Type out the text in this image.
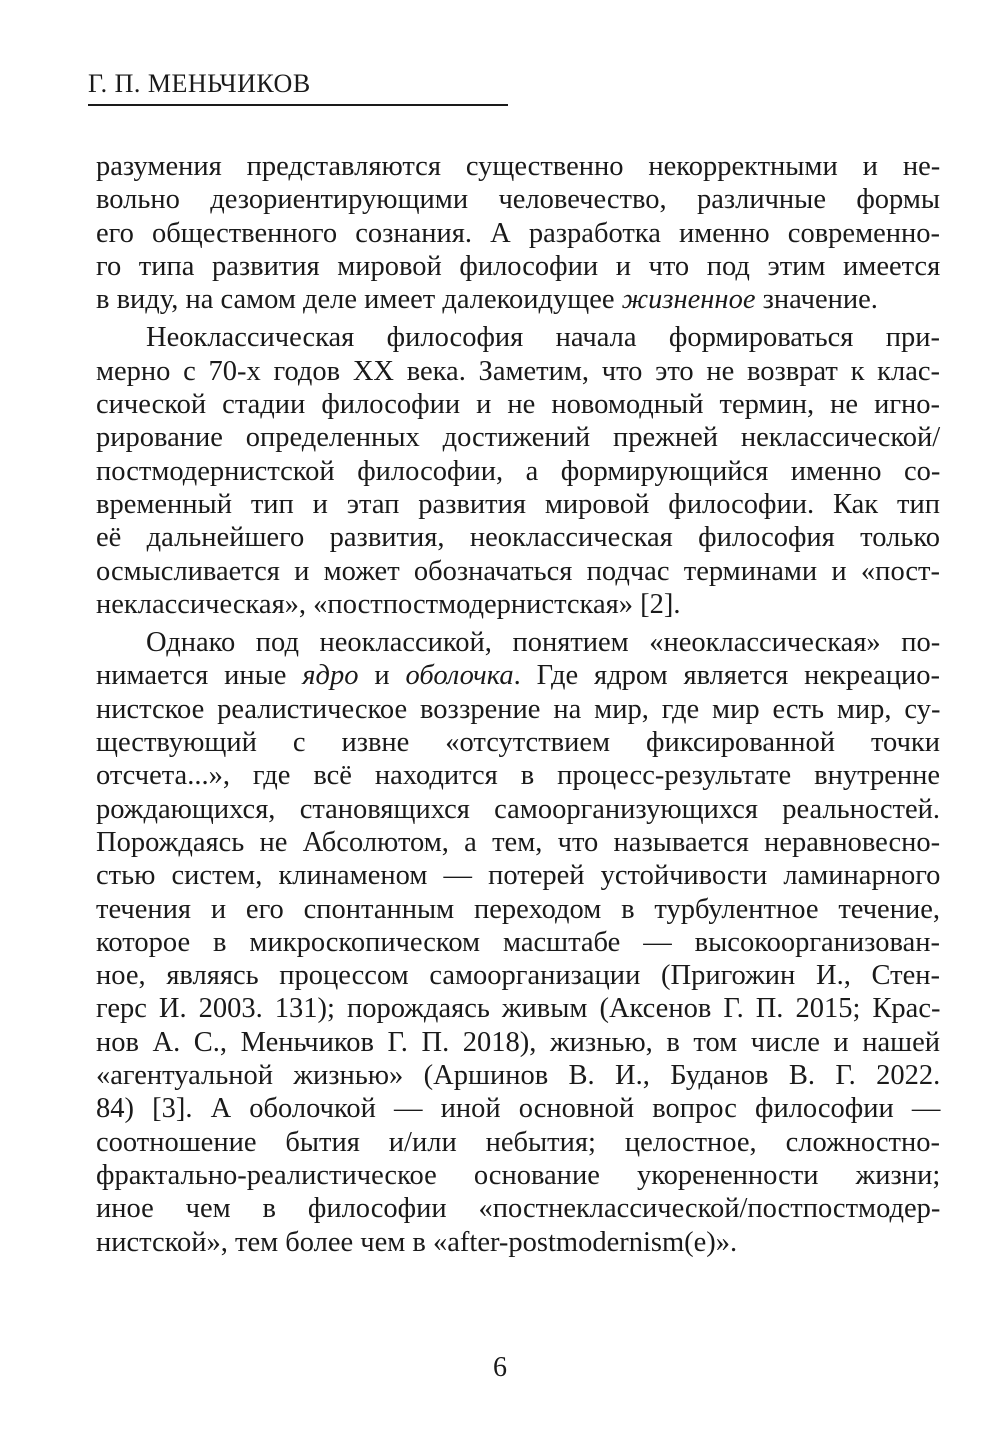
Г. П. МЕНЬЧИКОВ
разумения представляются существенно некорректными и не-
вольно дезориентирующими человечество, различные формы
его общественного сознания. А разработка именно современно-
го типа развития мировой философии и что под этим имеется
в виду, на самом деле имеет далекоидущее жизненное значение.
Неоклассическая философия начала формироваться при-
мерно с 70-х годов XX века. Заметим, что это не возврат к клас-
сической стадии философии и не новомодный термин, не игно-
рирование определенных достижений прежней неклассической/
постмодернистской философии, а формирующийся именно со-
временный тип и этап развития мировой философии. Как тип
её дальнейшего развития, неоклассическая философия только
осмысливается и может обозначаться подчас терминами и «пост-
неклассическая», «постпостмодернистская» [2].
Однако под неоклассикой, понятием «неоклассическая» по-
нимается иные ядро и оболочка. Где ядром является некреацио-
нистское реалистическое воззрение на мир, где мир есть мир, су-
ществующий с извне «отсутствием фиксированной точки
отсчета...», где всё находится в процесс-результате внутренне
рождающихся, становящихся самоорганизующихся реальностей.
Порождаясь не Абсолютом, а тем, что называется неравновесно-
стью систем, клинаменом — потерей устойчивости ламинарного
течения и его спонтанным переходом в турбулентное течение,
которое в микроскопическом масштабе — высокоорганизован-
ное, являясь процессом самоорганизации (Пригожин И., Стен-
герс И. 2003. 131); порождаясь живым (Аксенов Г. П. 2015; Крас-
нов А. С., Меньчиков Г. П. 2018), жизнью, в том числе и нашей
«агентуальной жизнью» (Аршинов В. И., Буданов В. Г. 2022.
84) [3]. А оболочкой — иной основной вопрос философии —
соотношение бытия и/или небытия; целостное, сложностно-
фрактально-реалистическое основание укорененности жизни;
иное чем в философии «постнеклассической/постпостмодер-
нистской», тем более чем в «after-postmodernism(e)».
6
